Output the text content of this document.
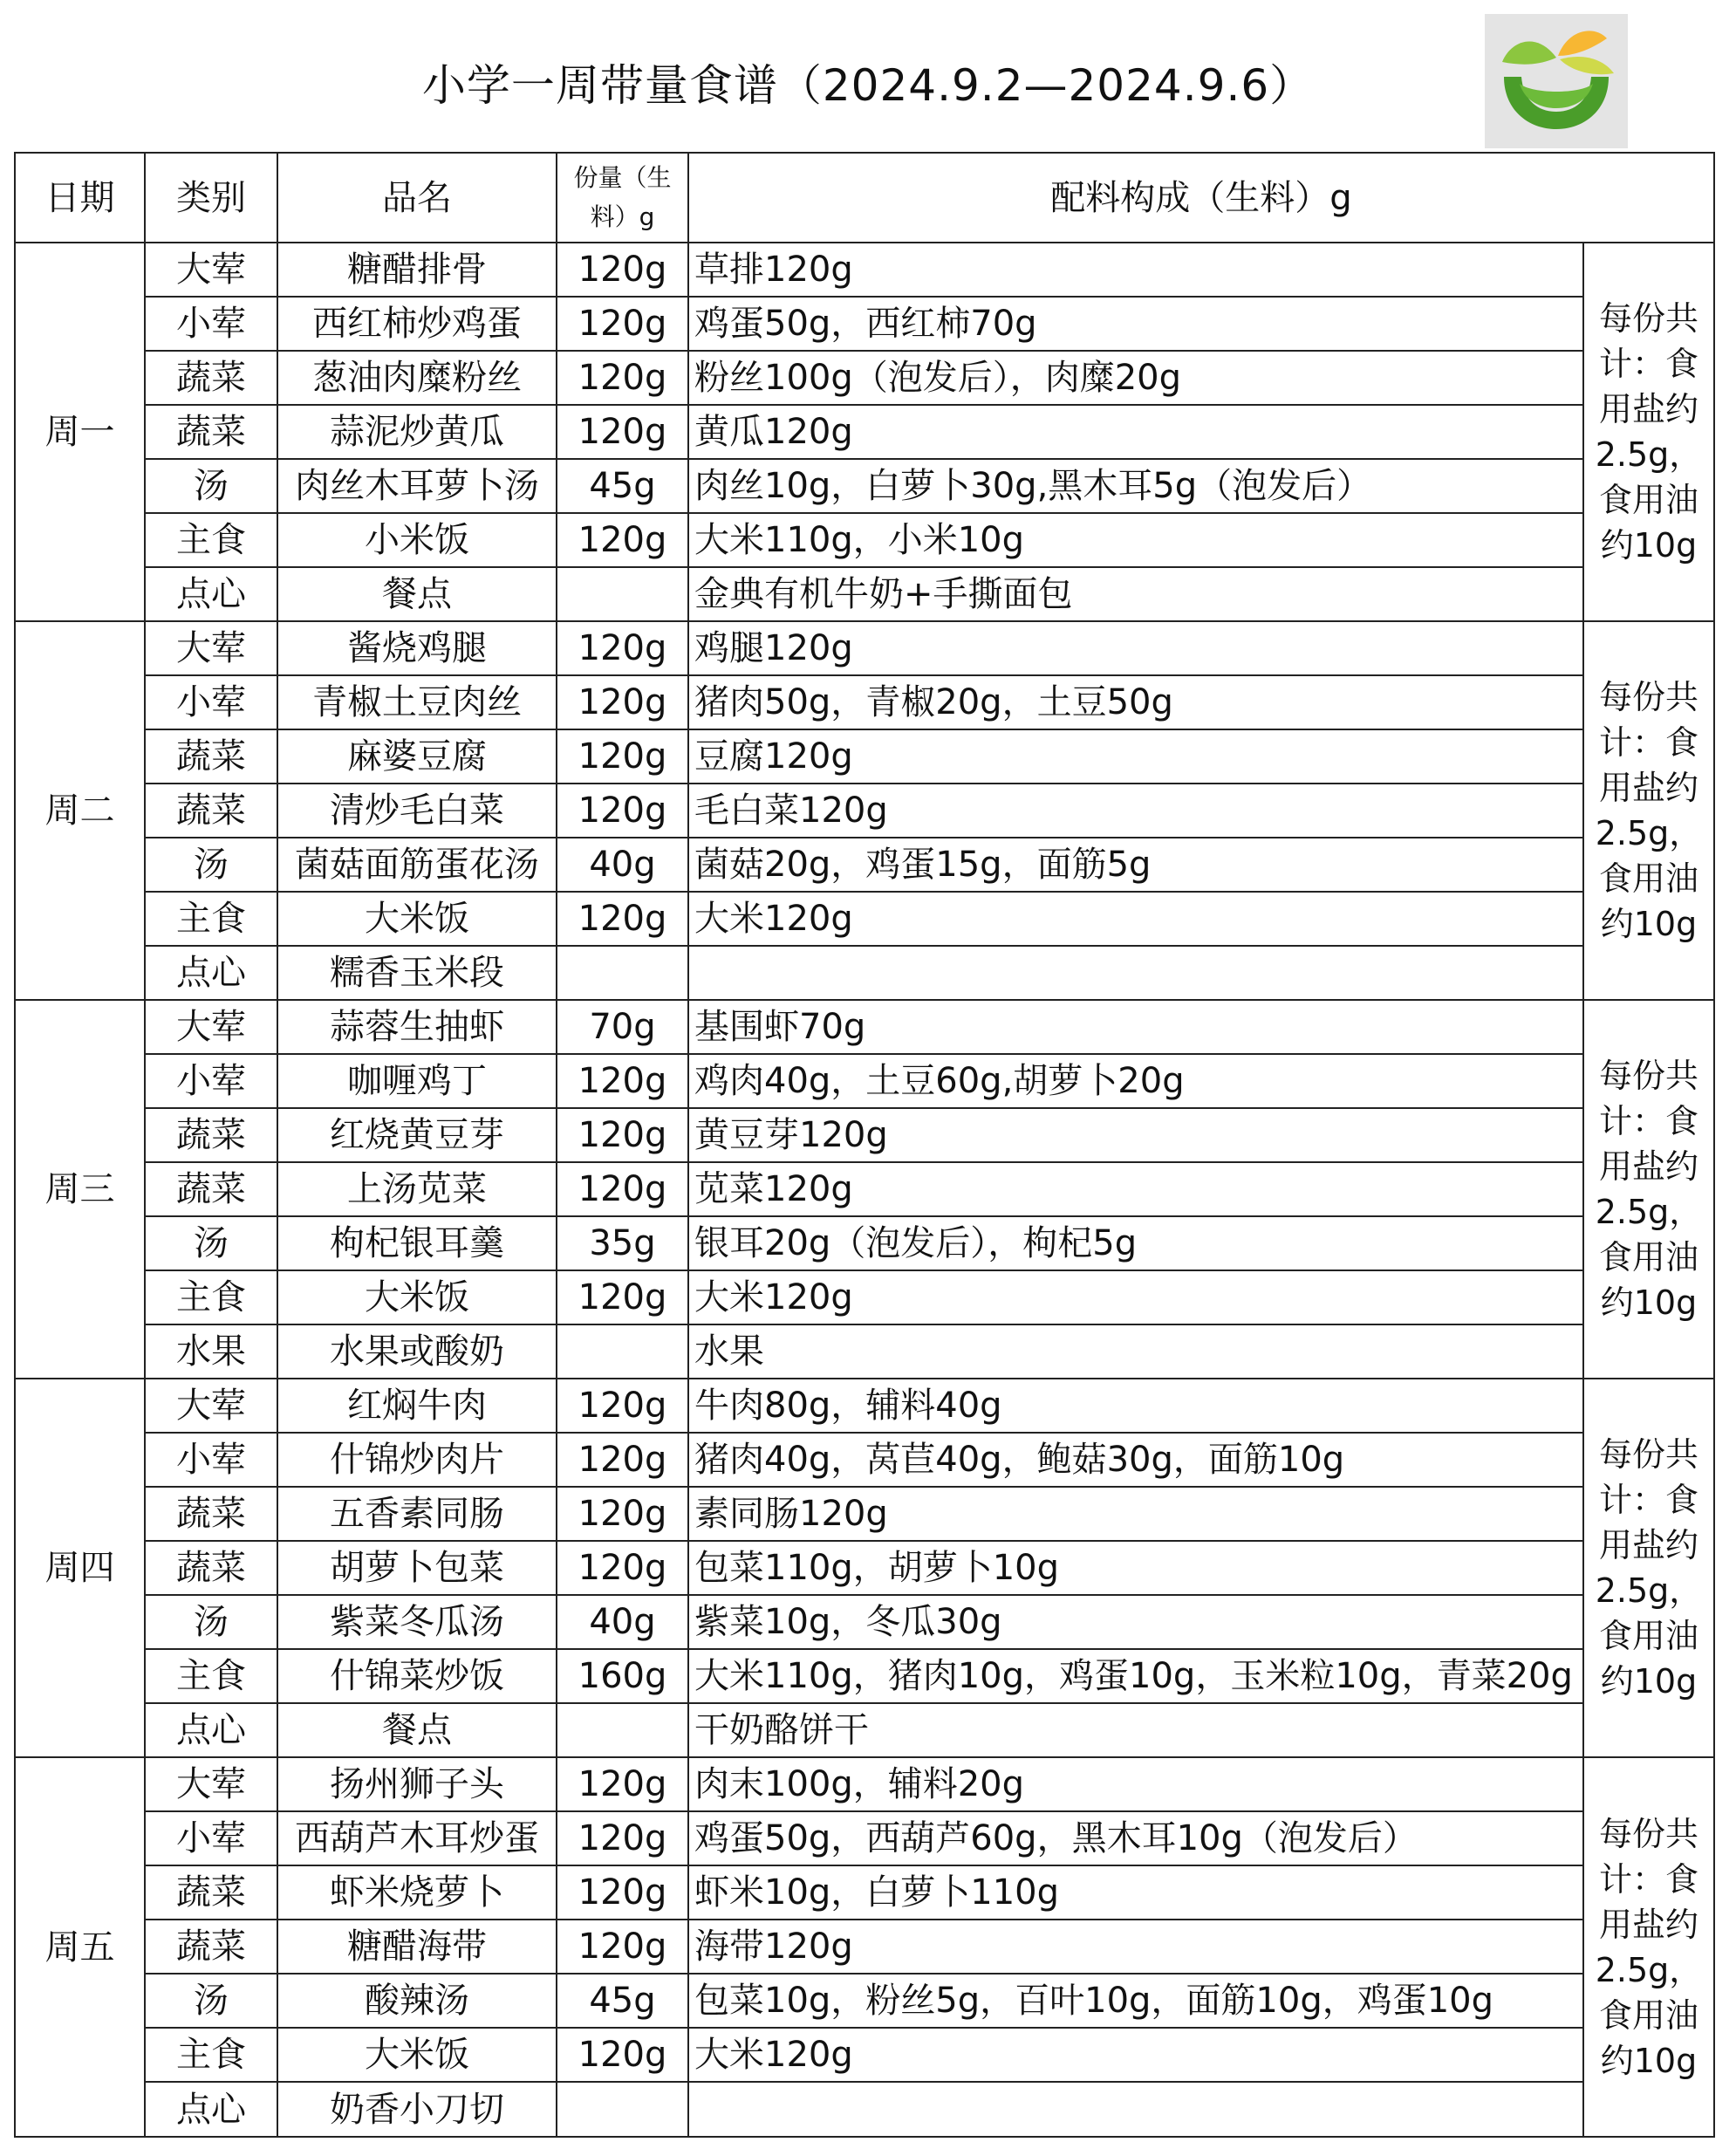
小学一周带量食谱（2024.9.2—2024.9.6）
日期	类别	品名	份量（生料）g	配料构成（生料）g	
周一	大荤	糖醋排骨	120g	草排120g	每份共计：食用盐约2.5g，食用油约10g
	小荤	西红柿炒鸡蛋	120g	鸡蛋50g，西红柿70g	
	蔬菜	葱油肉糜粉丝	120g	粉丝100g（泡发后），肉糜20g	
	蔬菜	蒜泥炒黄瓜	120g	黄瓜120g	
	汤	肉丝木耳萝卜汤	45g	肉丝10g，白萝卜30g,黑木耳5g（泡发后）	
	主食	小米饭	120g	大米110g，小米10g	
	点心	餐点		金典有机牛奶+手撕面包	
周二	大荤	酱烧鸡腿	120g	鸡腿120g	每份共计：食用盐约2.5g，食用油约10g
	小荤	青椒土豆肉丝	120g	猪肉50g，青椒20g，土豆50g	
	蔬菜	麻婆豆腐	120g	豆腐120g	
	蔬菜	清炒毛白菜	120g	毛白菜120g	
	汤	菌菇面筋蛋花汤	40g	菌菇20g，鸡蛋15g，面筋5g	
	主食	大米饭	120g	大米120g	
	点心	糯香玉米段			
周三	大荤	蒜蓉生抽虾	70g	基围虾70g	每份共计：食用盐约2.5g，食用油约10g
	小荤	咖喱鸡丁	120g	鸡肉40g，土豆60g,胡萝卜20g	
	蔬菜	红烧黄豆芽	120g	黄豆芽120g	
	蔬菜	上汤苋菜	120g	苋菜120g	
	汤	枸杞银耳羹	35g	银耳20g（泡发后），枸杞5g	
	主食	大米饭	120g	大米120g	
	水果	水果或酸奶		水果	
周四	大荤	红焖牛肉	120g	牛肉80g，辅料40g	每份共计：食用盐约2.5g，食用油约10g
	小荤	什锦炒肉片	120g	猪肉40g，莴苣40g，鲍菇30g，面筋10g	
	蔬菜	五香素同肠	120g	素同肠120g	
	蔬菜	胡萝卜包菜	120g	包菜110g，胡萝卜10g	
	汤	紫菜冬瓜汤	40g	紫菜10g，冬瓜30g	
	主食	什锦菜炒饭	160g	大米110g，猪肉10g，鸡蛋10g，玉米粒10g，青菜20g	
	点心	餐点		干奶酪饼干	
周五	大荤	扬州狮子头	120g	肉末100g，辅料20g	每份共计：食用盐约2.5g，食用油约10g
	小荤	西葫芦木耳炒蛋	120g	鸡蛋50g，西葫芦60g，黑木耳10g（泡发后）	
	蔬菜	虾米烧萝卜	120g	虾米10g，白萝卜110g	
	蔬菜	糖醋海带	120g	海带120g	
	汤	酸辣汤	45g	包菜10g，粉丝5g，百叶10g，面筋10g，鸡蛋10g	
	主食	大米饭	120g	大米120g	
	点心	奶香小刀切			
